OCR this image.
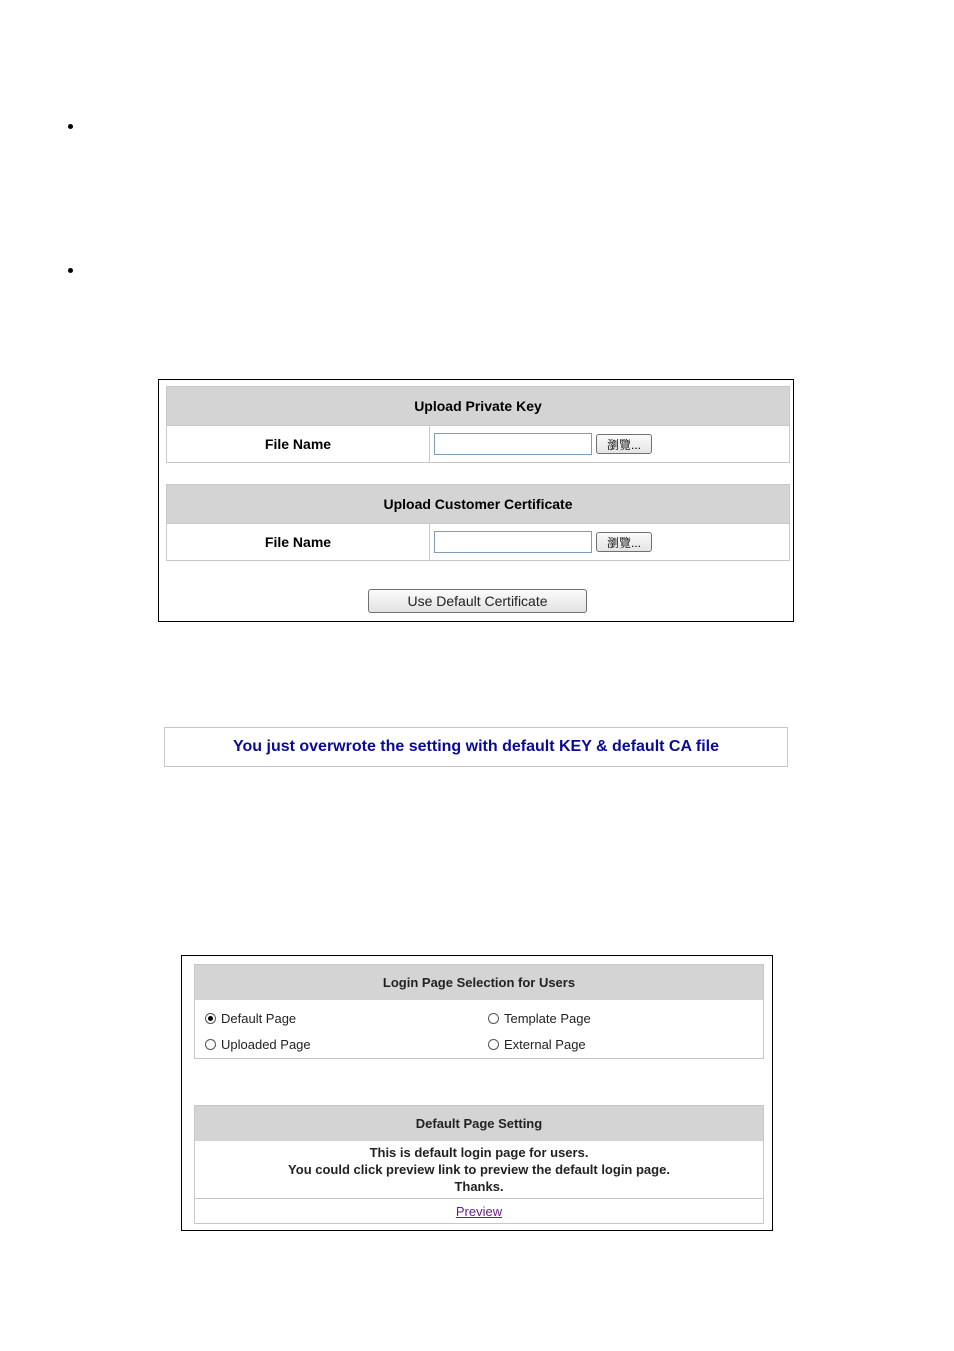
Upload Private Key
File Name	瀏覽...
Upload Customer Certificate
File Name	瀏覽...
Use Default Certificate
You just overwrote the setting with default KEY & default CA file
Login Page Selection for Users
Default Page	Template Page
Uploaded Page	External Page
Default Page Setting
This is default login page for users.
You could click preview link to preview the default login page.
Thanks.
Preview
